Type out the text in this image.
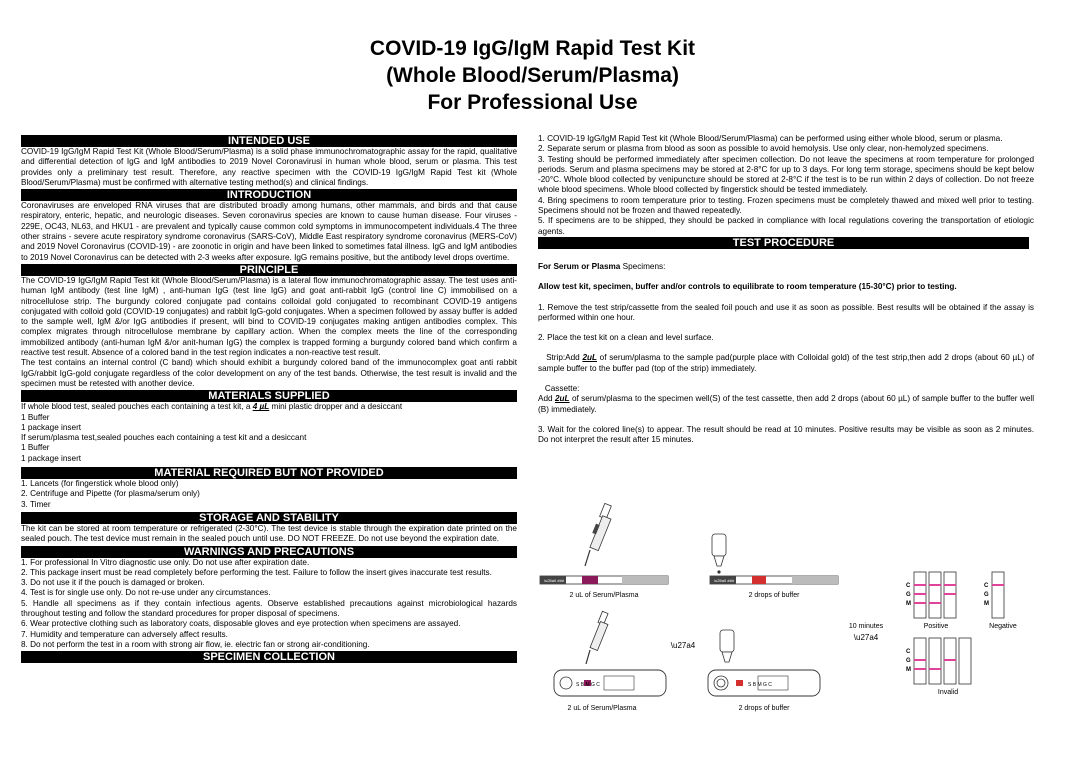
COVID-19 IgG/IgM Rapid Test Kit
(Whole Blood/Serum/Plasma)
For Professional Use
INTENDED USE

COVID-19 IgG/IgM Rapid Test Kit (Whole Blood/Serum/Plasma) is a solid phase immunochromatographic assay for the rapid, qualitative and differential detection of IgG and IgM antibodies to 2019 Novel Coronavirusi in human whole blood, serum or plasma. This test provides only a preliminary test result. Therefore, any reactive specimen with the COVID-19 IgG/IgM Rapid Test kit (Whole Blood/Serum/Plasma) must be confirmed with alternative testing method(s) and clinical findings.

INTRODUCTION

Coronaviruses are enveloped RNA viruses that are distributed broadly among humans, other mammals, and birds and that cause respiratory, enteric, hepatic, and neurologic diseases. Seven coronavirus species are known to cause human disease. Four viruses - 229E, OC43, NL63, and HKU1 - are prevalent and typically cause common cold symptoms in immunocompetent individuals.4 The three other strains - severe acute respiratory syndrome coronavirus (SARS-CoV), Middle East respiratory syndrome coronavirus (MERS-CoV) and 2019 Novel Coronavirus (COVID-19) - are zoonotic in origin and have been linked to sometimes fatal illness. IgG and IgM antibodies to 2019 Novel Coronavirus can be detected with 2-3 weeks after exposure. IgG remains positive, but the antibody level drops overtime.

PRINCIPLE

The COVID-19 IgG/IgM Rapid Test kit (Whole Blood/Serum/Plasma) is a lateral flow immunochromatographic assay. The test uses anti-human IgM antibody (test line IgM) , anti-human IgG (test line IgG) and goat anti-rabbit IgG (control line C) immobilised on a nitrocellulose strip. The burgundy colored conjugate pad contains colloidal gold conjugated to recombinant COVID-19 antigens conjugated with colloid gold (COVID-19 conjugates) and rabbit IgG-gold conjugates. When a specimen followed by assay buffer is added to the sample well, IgM &/or IgG antibodies if present, will bind to COVID-19 conjugates making antigen antibodies complex. This complex migrates through nitrocellulose membrane by capillary action. When the complex meets the line of the corresponding immobilized antibody (anti-human IgM &/or anit-human IgG) the complex is trapped forming a burgundy colored band which confirm a reactive test result. Absence of a colored band in the test region indicates a non-reactive test result.

The test contains an internal control (C band) which should exhibit a burgundy colored band of the immunocomplex goat anti rabbit IgG/rabbit IgG-gold conjugate regardless of the color development on any of the test bands. Otherwise, the test result is invalid and the specimen must be retested with another device.

MATERIALS SUPPLIED
If whole blood test, sealed pouches each containing a test kit, a 4 µL mini plastic dropper and a desiccant
1 Buffer
1 package insert
If serum/plasma test,sealed pouches each containing a test kit and a desiccant
1 Buffer
1 package insert
MATERIAL REQUIRED BUT NOT PROVIDED
1. Lancets (for fingerstick whole blood only)
2. Centrifuge and Pipette (for plasma/serum only)
3. Timer
STORAGE AND STABILITY

The kit can be stored at room temperature or refrigerated (2-30°C). The test device is stable through the expiration date printed on the sealed pouch. The test device must remain in the sealed pouch until use. DO NOT FREEZE. Do not use beyond the expiration date.

WARNINGS AND PRECAUTIONS

1. For professional In Vitro diagnostic use only. Do not use after expiration date.

2. This package insert must be read completely before performing the test. Failure to follow the insert gives inaccurate test results.

3. Do not use it if the pouch is damaged or broken.

4. Test is for single use only. Do not re-use under any circumstances.

5. Handle all specimens as if they contain infectious agents. Observe established precautions against microbiological hazards throughout testing and follow the standard procedures for proper disposal of specimens.

6. Wear protective clothing such as laboratory coats, disposable gloves and eye protection when specimens are assayed.

7. Humidity and temperature can adversely affect results.

8. Do not perform the test in a room with strong air flow, ie. electric fan or strong air-conditioning.

SPECIMEN COLLECTION

1. COVID-19 IgG/IgM Rapid Test kit (Whole Blood/Serum/Plasma) can be performed using either whole blood, serum or plasma.

2. Separate serum or plasma from blood as soon as possible to avoid hemolysis. Use only clear, non-hemolyzed specimens.

3. Testing should be performed immediately after specimen collection. Do not leave the specimens at room temperature for prolonged periods. Serum and plasma specimens may be stored at 2-8°C for up to 3 days. For long term storage, specimens should be kept below -20°C. Whole blood collected by venipuncture should be stored at 2-8°C if the test is to be run within 2 days of collection. Do not freeze whole blood specimens. Whole blood collected by fingerstick should be tested immediately.

4. Bring specimens to room temperature prior to testing. Frozen specimens must be completely thawed and mixed well prior to testing. Specimens should not be frozen and thawed repeatedly.

5. If specimens are to be shipped, they should be packed in compliance with local regulations covering the transportation of etiologic agents.

TEST PROCEDURE
For Serum or Plasma Specimens:
Allow test kit, specimen, buffer and/or controls to equilibrate to room temperature (15-30°C) prior to testing.

1. Remove the test strip/cassette from the sealed foil pouch and use it as soon as possible. Best results will be obtained if the assay is performed within one hour.

2. Place the test kit on a clean and level surface.

Strip:Add 2uL of serum/plasma to the sample pad(purple place with Colloidal gold) of the test strip,then add 2 drops (about 60 µL) of sample buffer to the buffer pad (top of the strip) immediately.

Cassette:

Add 2uL of serum/plasma to the specimen well(S) of the test cassette, then add 2 drops (about 60 µL) of sample buffer to the buffer well (B) immediately.

3. Wait for the colored line(s) to appear. The result should be read at 10 minutes. Positive results may be visible as soon as 2 minutes. Do not interpret the result after 15 minutes.

\u25a0 ###
2 uL of Serum/Plasma
\u25a0 ###
2 drops of buffer
C
G
M
Positive
C
G
M
Negative
10 minutes
\u27a4
C
G
M
Invalid
\u27a4
S B M G C
2 uL of Serum/Plasma
S B M G C
2 drops of buffer
